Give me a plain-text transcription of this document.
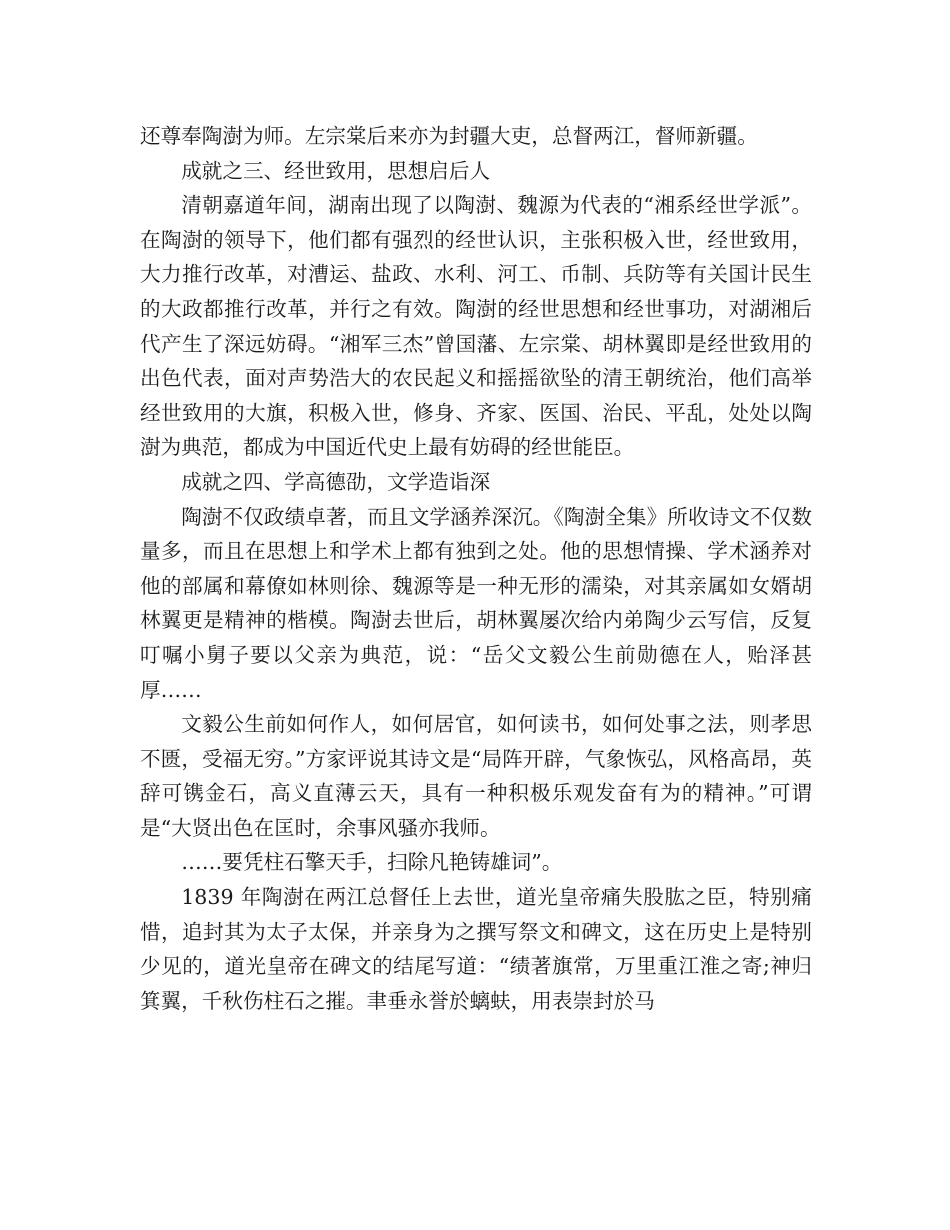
还尊奉陶澍为师。左宗棠后来亦为封疆大吏，总督两江，督师新疆。

成就之三、经世致用，思想启后人

清朝嘉道年间，湖南出现了以陶澍、魏源为代表的“湘系经世学派”。在陶澍的领导下，他们都有强烈的经世认识，主张积极入世，经世致用，大力推行改革，对漕运、盐政、水利、河工、币制、兵防等有关国计民生的大政都推行改革，并行之有效。陶澍的经世思想和经世事功，对湖湘后代产生了深远妨碍。“湘军三杰”曾国藩、左宗棠、胡林翼即是经世致用的出色代表，面对声势浩大的农民起义和摇摇欲坠的清王朝统治，他们高举经世致用的大旗，积极入世，修身、齐家、医国、治民、平乱，处处以陶澍为典范，都成为中国近代史上最有妨碍的经世能臣。

成就之四、学高德劭，文学造诣深

陶澍不仅政绩卓著，而且文学涵养深沉。《陶澍全集》所收诗文不仅数量多，而且在思想上和学术上都有独到之处。他的思想情操、学术涵养对他的部属和幕僚如林则徐、魏源等是一种无形的濡染，对其亲属如女婿胡林翼更是精神的楷模。陶澍去世后，胡林翼屡次给内弟陶少云写信，反复叮嘱小舅子要以父亲为典范，说：“岳父文毅公生前勋德在人，贻泽甚厚……

文毅公生前如何作人，如何居官，如何读书，如何处事之法，则孝思不匮，受福无穷。”方家评说其诗文是“局阵开辟，气象恢弘，风格高昂，英辞可镌金石，高义直薄云天，具有一种积极乐观发奋有为的精神。”可谓是“大贤出色在匡时，余事风骚亦我师。

……要凭柱石擎天手，扫除凡艳铸雄词”。

1839 年陶澍在两江总督任上去世，道光皇帝痛失股肱之臣，特别痛惜，追封其为太子太保，并亲身为之撰写祭文和碑文，这在历史上是特别少见的，道光皇帝在碑文的结尾写道：“绩著旗常，万里重江淮之寄;神归箕翼，千秋伤柱石之摧。聿垂永誉於螭蚨，用表崇封於马
